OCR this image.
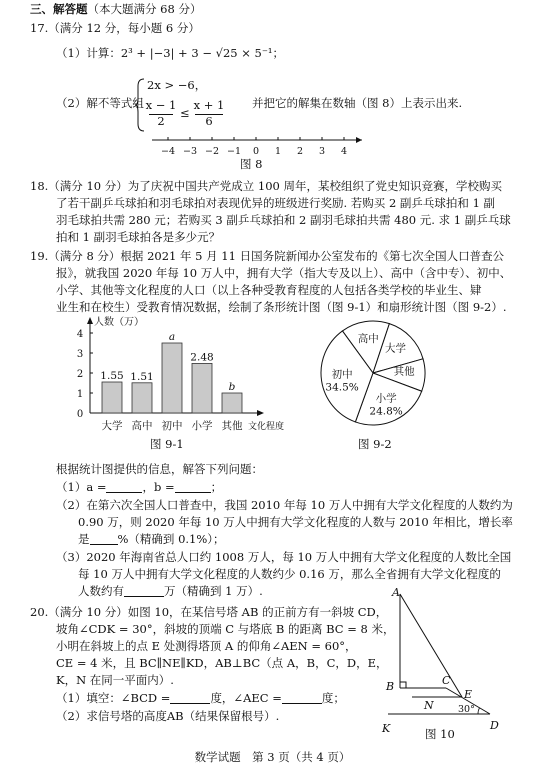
三、解答题（本大题满分 68 分）
17.（满分 12 分，每小题 6 分）
（1）计算：2³ + |−3| + 3 − √25 × 5⁻¹；
（2）解不等式组
2x > −6，
x − 1
2
≤
x + 1
6
并把它的解集在数轴（图 8）上表示出来.
−4 −3 −2 −1 0 1 2 3 4
图 8
18.（满分 10 分）为了庆祝中国共产党成立 100 周年，某校组织了党史知识竞赛，学校购买
了若干副乒乓球拍和羽毛球拍对表现优异的班级进行奖励. 若购买 2 副乒乓球拍和 1 副
羽毛球拍共需 280 元；若购买 3 副乒乓球拍和 2 副羽毛球拍共需 480 元. 求 1 副乒乓球
拍和 1 副羽毛球拍各是多少元？
19.（满分 8 分）根据 2021 年 5 月 11 日国务院新闻办公室发布的《第七次全国人口普查公
报》，就我国 2020 年每 10 万人中，拥有大学（指大专及以上）、高中（含中专）、初中、
小学、其他等文化程度的人口（以上各种受教育程度的人包括各类学校的毕业生、肄
业生和在校生）受教育情况数据，绘制了条形统计图（图 9-1）和扇形统计图（图 9-2）.
人数（万）
文化程度
0
1
2
3
4
1.55
大学
1.51
高中
a
初中
2.48
小学
b
其他
图 9-1
高中
大学
其他
小学
初中
34.5%
24.8%
图 9-2
根据统计图提供的信息，解答下列问题：
（1）a =	，b =	；
（2）在第六次全国人口普查中，我国 2010 年每 10 万人中拥有大学文化程度的人数约为
0.90 万，则 2020 年每 10 万人中拥有大学文化程度的人数与 2010 年相比，增长率
是 %（精确到 0.1%）；
（3）2020 年海南省总人口约 1008 万人，每 10 万人中拥有大学文化程度的人数比全国
每 10 万人中拥有大学文化程度的人数约少 0.16 万，那么全省拥有大学文化程度的
人数约有	万（精确到 1 万）.
20.（满分 10 分）如图 10，在某信号塔 AB 的正前方有一斜坡 CD，
坡角∠CDK = 30°，斜坡的顶端 C 与塔底 B 的距离 BC = 8 米，
小明在斜坡上的点 E 处测得塔顶 A 的仰角∠AEN = 60°，
CE = 4 米，且 BC∥NE∥KD，AB⊥BC（点 A，B，C，D，E，
K，N 在同一平面内）.
（1）填空：∠BCD =	度，∠AEC =	度；
（2）求信号塔的高度AB（结果保留根号）.
A
B	C
E
N
K	D
30°
图 10
数学试题　第 3 页（共 4 页）
